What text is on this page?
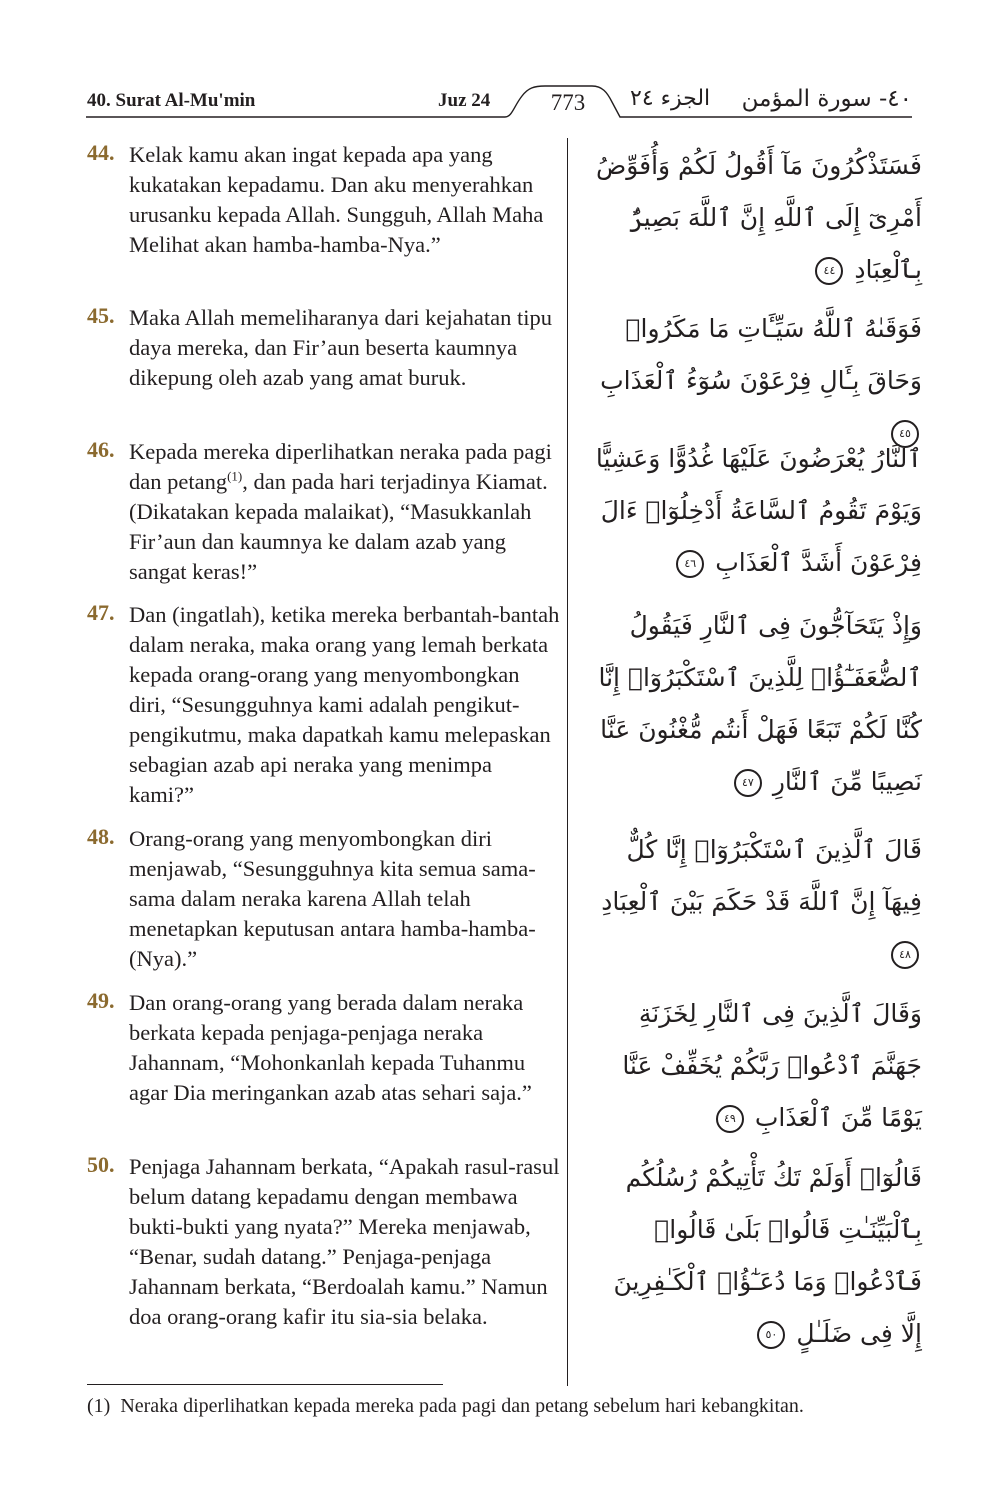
40. Surat Al-Mu'min	Juz 24	773	الجزء ٢٤ ٤٠- سورة المؤمن
44. Kelak kamu akan ingat kepada apa yang kukatakan kepadamu. Dan aku menyerahkan urusanku kepada Allah. Sungguh, Allah Maha Melihat akan hamba-hamba-Nya.”
فَسَتَذْكُرُونَ مَآ أَقُولُ لَكُمْ وَأُفَوِّضُ أَمْرِىٓ إِلَى ٱللَّهِ إِنَّ ٱللَّهَ بَصِيرٌۢ بِٱلْعِبَادِ ٤٤
45. Maka Allah memeliharanya dari kejahatan tipu daya mereka, dan Fir’aun beserta kaumnya dikepung oleh azab yang amat buruk.
فَوَقَىٰهُ ٱللَّهُ سَيِّـَٔاتِ مَا مَكَرُوا۟ وَحَاقَ بِـَٔالِ فِرْعَوْنَ سُوٓءُ ٱلْعَذَابِ ٤٥
46. Kepada mereka diperlihatkan neraka pada pagi dan petang$^{(1)}$, dan pada hari terjadinya Kiamat. (Dikatakan kepada malaikat), “Masukkanlah Fir’aun dan kaumnya ke dalam azab yang sangat keras!”
ٱلنَّارُ يُعْرَضُونَ عَلَيْهَا غُدُوًّا وَعَشِيًّا وَيَوْمَ تَقُومُ ٱلسَّاعَةُ أَدْخِلُوٓا۟ ءَالَ فِرْعَوْنَ أَشَدَّ ٱلْعَذَابِ ٤٦
47. Dan (ingatlah), ketika mereka berbantah-bantah dalam neraka, maka orang yang lemah berkata kepada orang-orang yang menyombongkan diri, “Sesungguhnya kami adalah pengikut-pengikutmu, maka dapatkah kamu melepaskan sebagian azab api neraka yang menimpa kami?”
وَإِذْ يَتَحَآجُّونَ فِى ٱلنَّارِ فَيَقُولُ ٱلضُّعَفَـٰٓؤُا۟ لِلَّذِينَ ٱسْتَكْبَرُوٓا۟ إِنَّا كُنَّا لَكُمْ تَبَعًا فَهَلْ أَنتُم مُّغْنُونَ عَنَّا نَصِيبًا مِّنَ ٱلنَّارِ ٤٧
48. Orang-orang yang menyombongkan diri menjawab, “Sesungguhnya kita semua sama-sama dalam neraka karena Allah telah menetapkan keputusan antara hamba-hamba-(Nya).”
قَالَ ٱلَّذِينَ ٱسْتَكْبَرُوٓا۟ إِنَّا كُلٌّ فِيهَآ إِنَّ ٱللَّهَ قَدْ حَكَمَ بَيْنَ ٱلْعِبَادِ ٤٨
49. Dan orang-orang yang berada dalam neraka berkata kepada penjaga-penjaga neraka Jahannam, “Mohonkanlah kepada Tuhanmu agar Dia meringankan azab atas sehari saja.”
وَقَالَ ٱلَّذِينَ فِى ٱلنَّارِ لِخَزَنَةِ جَهَنَّمَ ٱدْعُوا۟ رَبَّكُمْ يُخَفِّفْ عَنَّا يَوْمًا مِّنَ ٱلْعَذَابِ ٤٩
50. Penjaga Jahannam berkata, “Apakah rasul-rasul belum datang kepadamu dengan membawa bukti-bukti yang nyata?” Mereka menjawab, “Benar, sudah datang.” Penjaga-penjaga Jahannam berkata, “Berdoalah kamu.” Namun doa orang-orang kafir itu sia-sia belaka.
قَالُوٓا۟ أَوَلَمْ تَكُ تَأْتِيكُمْ رُسُلُكُم بِٱلْبَيِّنَـٰتِ قَالُوا۟ بَلَىٰ قَالُوا۟ فَٱدْعُوا۟ وَمَا دُعَـٰٓؤُا۟ ٱلْكَـٰفِرِينَ إِلَّا فِى ضَلَـٰلٍ ٥٠
(1) Neraka diperlihatkan kepada mereka pada pagi dan petang sebelum hari kebangkitan.
